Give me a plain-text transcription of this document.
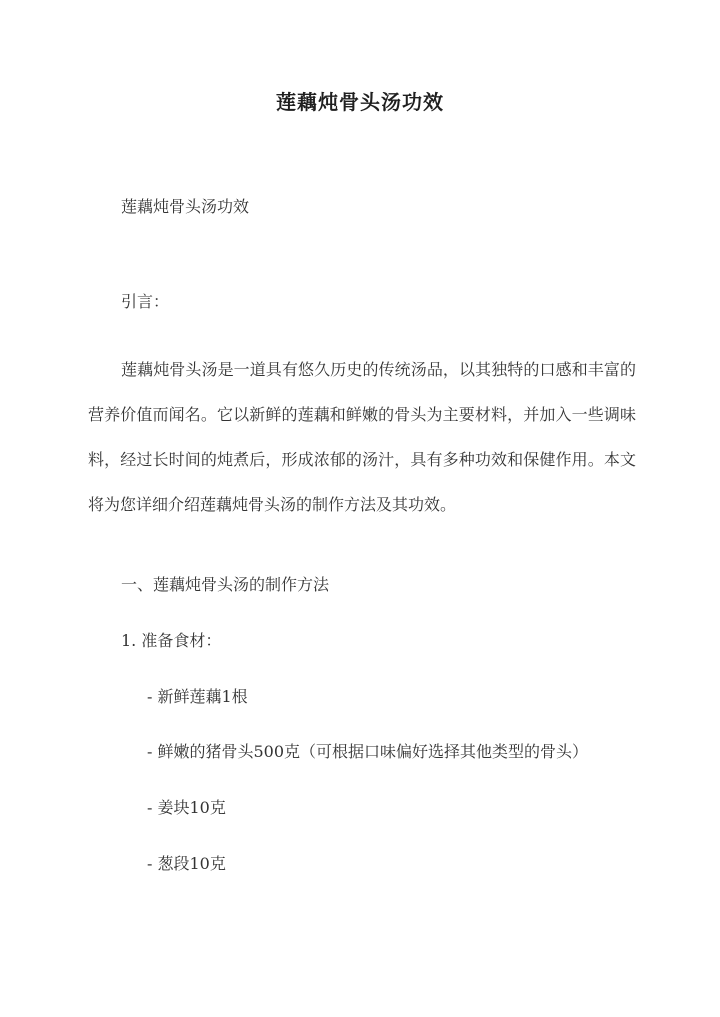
莲藕炖骨头汤功效
莲藕炖骨头汤功效
引言：
莲藕炖骨头汤是一道具有悠久历史的传统汤品，以其独特的口感和丰富的营养价值而闻名。它以新鲜的莲藕和鲜嫩的骨头为主要材料，并加入一些调味料，经过长时间的炖煮后，形成浓郁的汤汁，具有多种功效和保健作用。本文将为您详细介绍莲藕炖骨头汤的制作方法及其功效。
一、莲藕炖骨头汤的制作方法
1. 准备食材：
- 新鲜莲藕1根
- 鲜嫩的猪骨头500克（可根据口味偏好选择其他类型的骨头）
- 姜块10克
- 葱段10克
